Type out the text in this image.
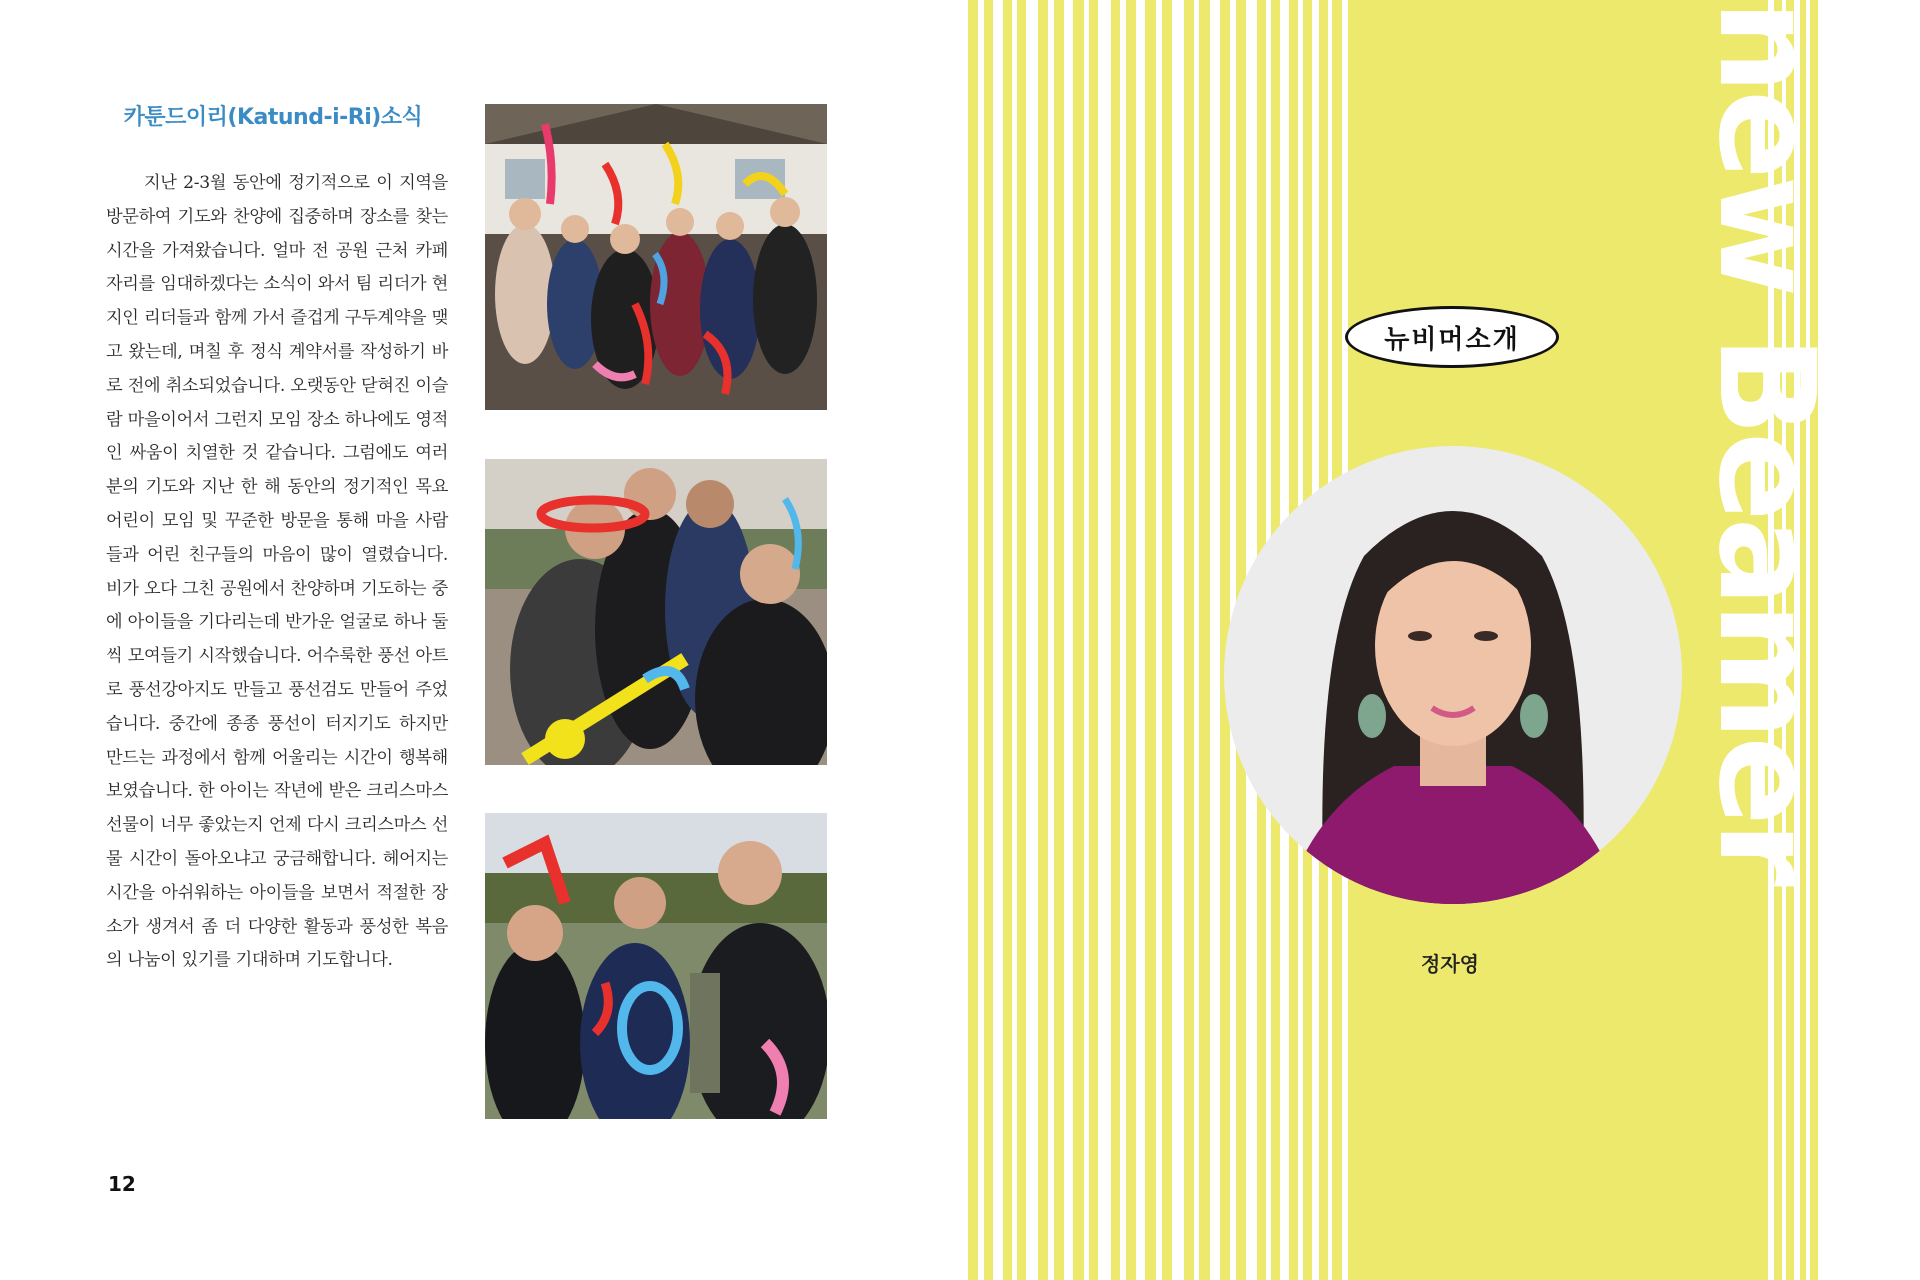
카툰드이리(Katund-i-Ri)소식
지난 2-3월 동안에 정기적으로 이 지역을 방문하여 기도와 찬양에 집중하며 장소를 찾는 시간을 가져왔습니다. 얼마 전 공원 근처 카페 자리를 임대하겠다는 소식이 와서 팀 리더가 현지인 리더들과 함께 가서 즐겁게 구두계약을 맺고 왔는데, 며칠 후 정식 계약서를 작성하기 바로 전에 취소되었습니다. 오랫동안 닫혀진 이슬람 마을이어서 그런지 모임 장소 하나에도 영적인 싸움이 치열한 것 같습니다. 그럼에도 여러분의 기도와 지난 한 해 동안의 정기적인 목요 어린이 모임 및 꾸준한 방문을 통해 마을 사람들과 어린 친구들의 마음이 많이 열렸습니다. 비가 오다 그친 공원에서 찬양하며 기도하는 중에 아이들을 기다리는데 반가운 얼굴로 하나 둘씩 모여들기 시작했습니다. 어수룩한 풍선 아트로 풍선강아지도 만들고 풍선검도 만들어 주었습니다. 중간에 종종 풍선이 터지기도 하지만 만드는 과정에서 함께 어울리는 시간이 행복해 보였습니다. 한 아이는 작년에 받은 크리스마스 선물이 너무 좋았는지 언제 다시 크리스마스 선물 시간이 돌아오냐고 궁금해합니다. 헤어지는 시간을 아쉬워하는 아이들을 보면서 적절한 장소가 생겨서 좀 더 다양한 활동과 풍성한 복음의 나눔이 있기를 기대하며 기도합니다.
12
new Beamer
뉴비머소개
정자영
